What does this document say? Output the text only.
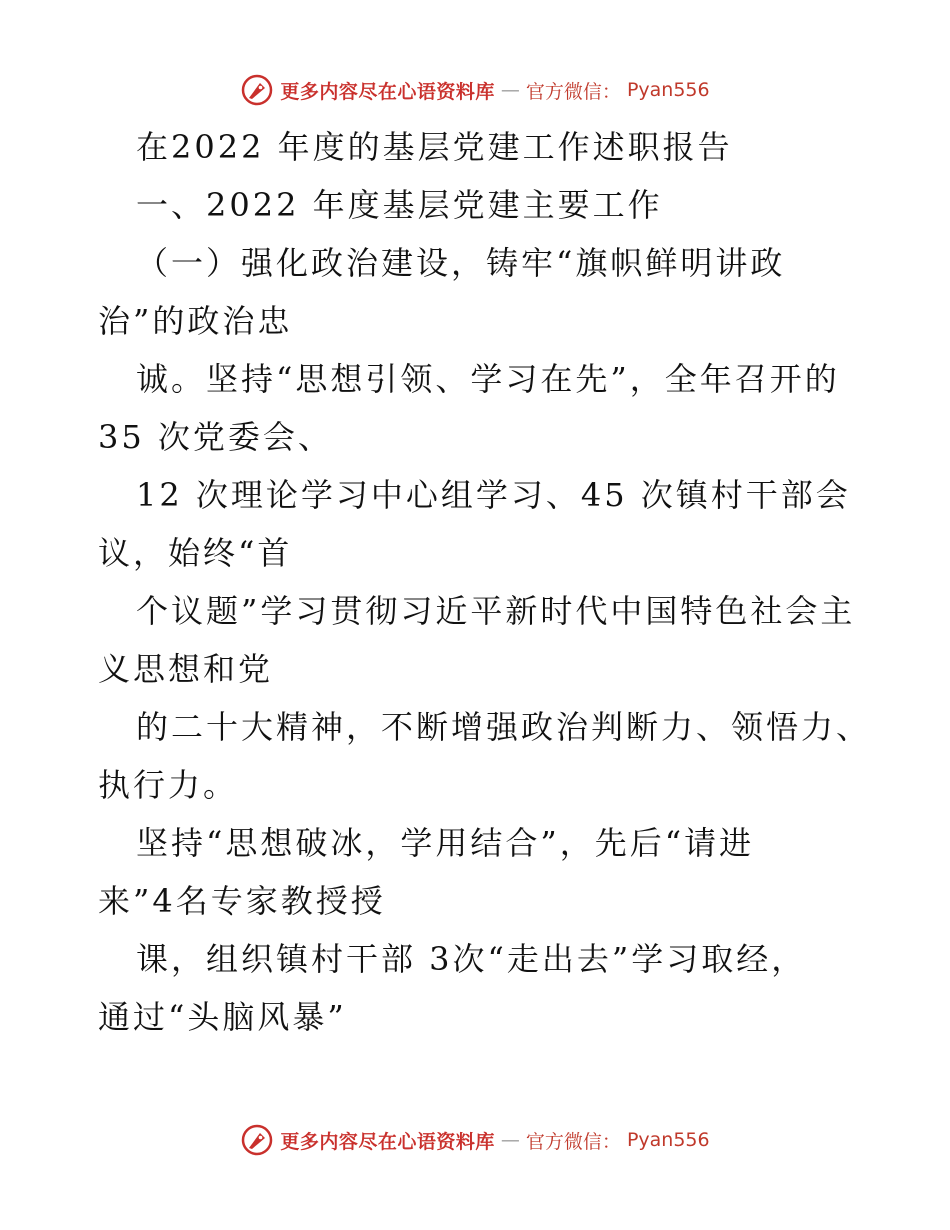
更多内容尽在心语资料库 — 官方微信： Pyan556
在2022 年度的基层党建工作述职报告
一、2022 年度基层党建主要工作
（一）强化政治建设，铸牢“旗帜鲜明讲政
治”的政治忠
诚。坚持“思想引领、学习在先”，全年召开的
35 次党委会、
12 次理论学习中心组学习、45 次镇村干部会
议，始终“首
个议题”学习贯彻习近平新时代中国特色社会主
义思想和党
的二十大精神，不断增强政治判断力、领悟力、
执行力。
坚持“思想破冰，学用结合”，先后“请进
来”4名专家教授授
课，组织镇村干部 3次“走出去”学习取经，
通过“头脑风暴”
更多内容尽在心语资料库 — 官方微信： Pyan556
